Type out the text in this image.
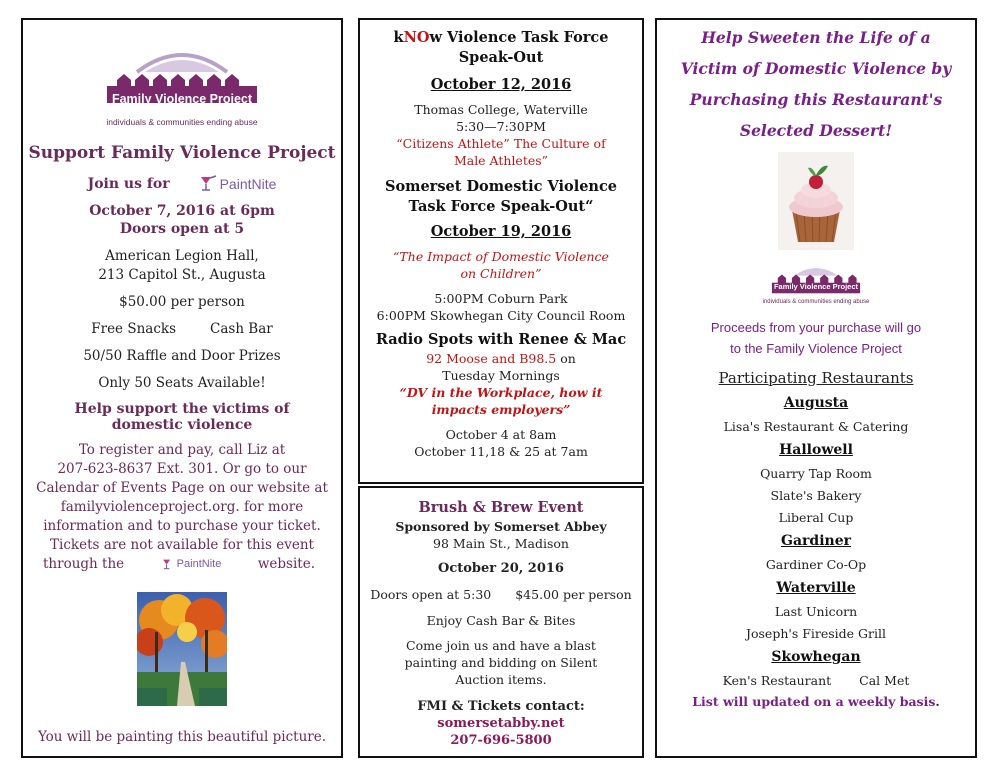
Family Violence Project

individuals & communities ending abuse

Support Family Violence Project

Join us for	PaintNite

October 7, 2016 at 6pm

Doors open at 5

American Legion Hall,

213 Capitol St., Augusta

$50.00 per person

Free Snacks	Cash Bar

50/50 Raffle and Door Prizes

Only 50 Seats Available!

Help support the victims of

domestic violence

To register and pay, call Liz at

207-623-8637 Ext. 301. Or go to our

Calendar of Events Page on our website at

familyviolenceproject.org. for more

information and to purchase your ticket.

Tickets are not available for this event

through the	PaintNite	website.

You will be painting this beautiful picture.

kNOw Violence Task Force

Speak-Out

October 12, 2016

Thomas College, Waterville

5:30—7:30PM

“Citizens Athlete” The Culture of

Male Athletes”

Somerset Domestic Violence

Task Force Speak-Out“

October 19, 2016

“The Impact of Domestic Violence

on Children”

5:00PM Coburn Park

6:00PM Skowhegan City Council Room

Radio Spots with Renee & Mac

92 Moose and B98.5 on

Tuesday Mornings

“DV in the Workplace, how it

impacts employers”

October 4 at 8am

October 11,18 & 25 at 7am

Brush & Brew Event

Sponsored by Somerset Abbey

98 Main St., Madison

October 20, 2016

Doors open at 5:30 $45.00 per person

Enjoy Cash Bar & Bites

Come join us and have a blast

painting and bidding on Silent

Auction items.

FMI & Tickets contact:

somersetabby.net

207-696-5800

Help Sweeten the Life of a

Victim of Domestic Violence by

Purchasing this Restaurant's

Selected Dessert!

Family Violence Project

individuals & communities ending abuse

Proceeds from your purchase will go

to the Family Violence Project

Participating Restaurants

Augusta

Lisa's Restaurant & Catering

Hallowell

Quarry Tap Room

Slate's Bakery

Liberal Cup

Gardiner

Gardiner Co-Op

Waterville

Last Unicorn

Joseph's Fireside Grill

Skowhegan

Ken's Restaurant Cal Met

List will updated on a weekly basis.
